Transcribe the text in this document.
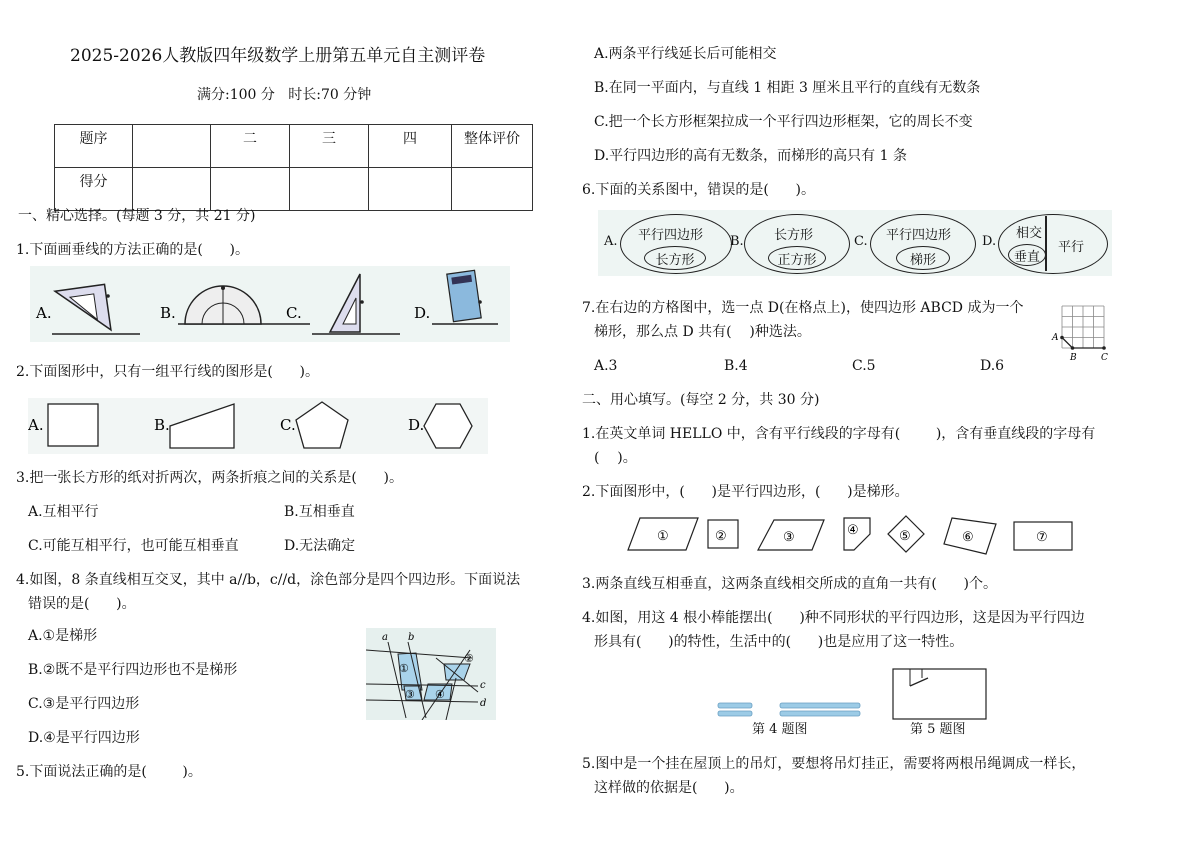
2025-2026人教版四年级数学上册第五单元自主测评卷
满分:100 分   时长:70 分钟
题序		二	三	四	整体评价
得分					
一、精心选择。(每题 3 分，共 21 分)
1.下面画垂线的方法正确的是(      )。
A.	B.	C.	D.
2.下面图形中，只有一组平行线的图形是(      )。
A.	B.	C.	D.
3.把一张长方形的纸对折两次，两条折痕之间的关系是(      )。
A.互相平行	B.互相垂直
C.可能互相平行，也可能互相垂直	D.无法确定
4.如图，8 条直线相互交叉，其中 a//b，c//d，涂色部分是四个四边形。下面说法
错误的是(      )。
A.①是梯形
B.②既不是平行四边形也不是梯形
C.③是平行四边形
D.④是平行四边形
a b
c
d
①
②
③ ④
5.下面说法正确的是(        )。
A.两条平行线延长后可能相交
B.在同一平面内，与直线 1 相距 3 厘米且平行的直线有无数条
C.把一个长方形框架拉成一个平行四边形框架，它的周长不变
D.平行四边形的高有无数条，而梯形的高只有 1 条
6.下面的关系图中，错误的是(      )。
A. 平行四边形
长方形
B. 长方形
正方形
C. 平行四边形
梯形
D.
相交
垂直
平行
7.在右边的方格图中，选一点 D(在格点上)，使四边形 ABCD 成为一个
梯形，那么点 D 共有(    )种选法。
A.3	B.4	C.5	D.6
A
B	C
二、用心填写。(每空 2 分，共 30 分)
1.在英文单词 HELLO 中，含有平行线段的字母有(        )，含有垂直线段的字母有
(    )。
2.下面图形中，(      )是平行四边形，(      )是梯形。
①	②	③	④	⑤	⑥	⑦
3.两条直线互相垂直，这两条直线相交所成的直角一共有(      )个。
4.如图，用这 4 根小棒能摆出(      )种不同形状的平行四边形，这是因为平行四边
形具有(      )的特性，生活中的(      )也是应用了这一特性。
第 4 题图	第 5 题图
5.图中是一个挂在屋顶上的吊灯，要想将吊灯挂正，需要将两根吊绳调成一样长，
这样做的依据是(      )。
